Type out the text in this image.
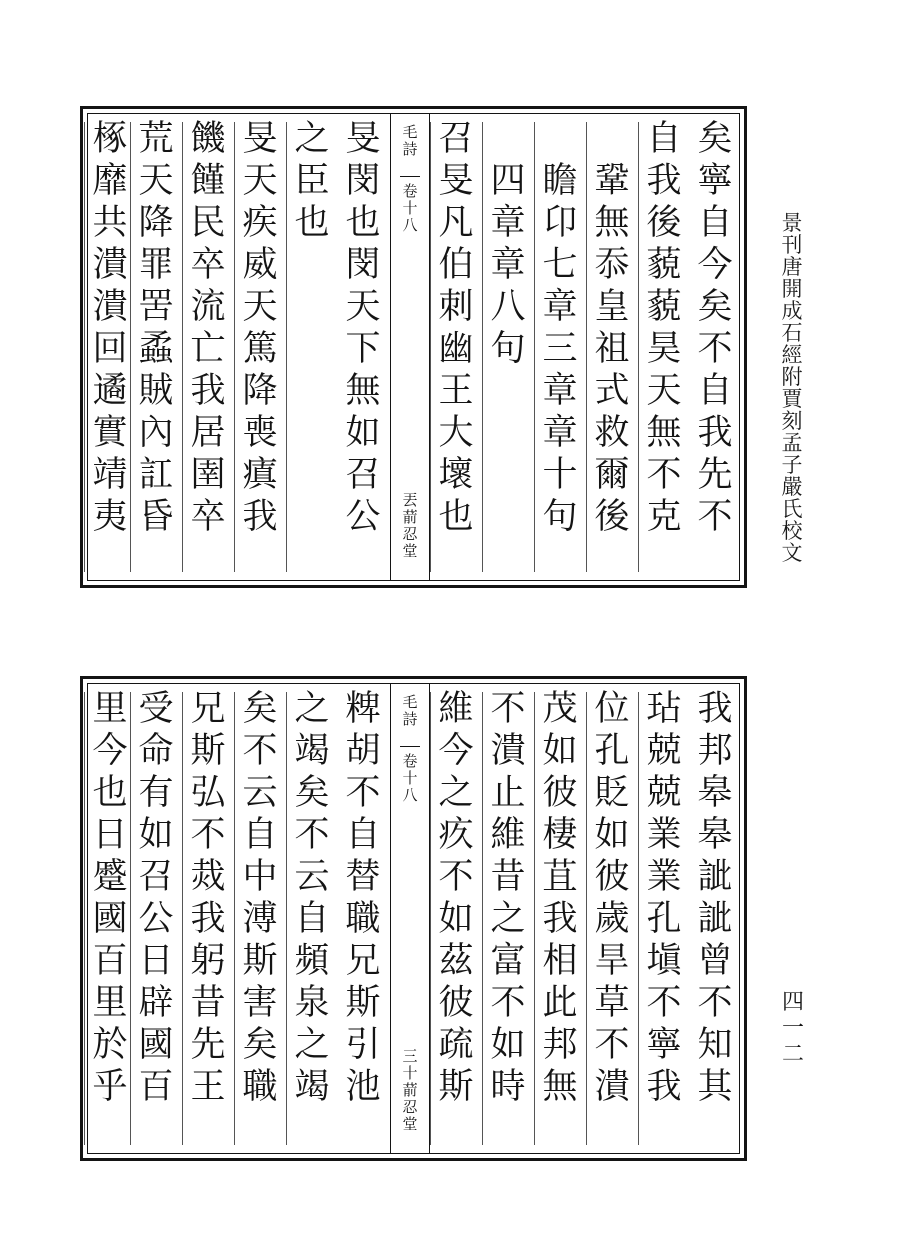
矣
寧
自
今
矣
不
自
我
先
不
自
我
後
藐
藐
昊
天
無
不
克
鞏
無
忝
皇
祖
式
救
爾
後
瞻
卬
七
章
三
章
章
十
句
四
章
章
八
句
召
旻
凡
伯
刺
幽
王
大
壞
也
毛
詩
卷
十
八
丟
葥
忍
堂
旻
閔
也
閔
天
下
無
如
召
公
之
臣
也
旻
天
疾
威
天
篤
降
喪
瘨
我
饑
饉
民
卒
流
亡
我
居
圉
卒
荒
天
降
罪
罟
蟊
賊
內
訌
昏
椓
靡
共
潰
潰
回
遹
實
靖
夷
我
邦
皋
皋
訿
訿
曾
不
知
其
玷
兢
兢
業
業
孔
塡
不
寧
我
位
孔
貶
如
彼
歲
旱
草
不
潰
茂
如
彼
棲
苴
我
相
此
邦
無
不
潰
止
維
昔
之
富
不
如
時
維
今
之
疚
不
如
茲
彼
疏
斯
毛
詩
卷
十
八
三
十
葥
忍
堂
粺
胡
不
自
替
職
兄
斯
引
池
之
竭
矣
不
云
自
頻
泉
之
竭
矣
不
云
自
中
溥
斯
害
矣
職
兄
斯
弘
不
烖
我
躬
昔
先
王
受
命
有
如
召
公
日
辟
國
百
里
今
也
日
蹙
國
百
里
於
乎
景
刊
唐
開
成
石
經
附
賈
刻
孟
子
嚴
氏
校
文
四
一
二
